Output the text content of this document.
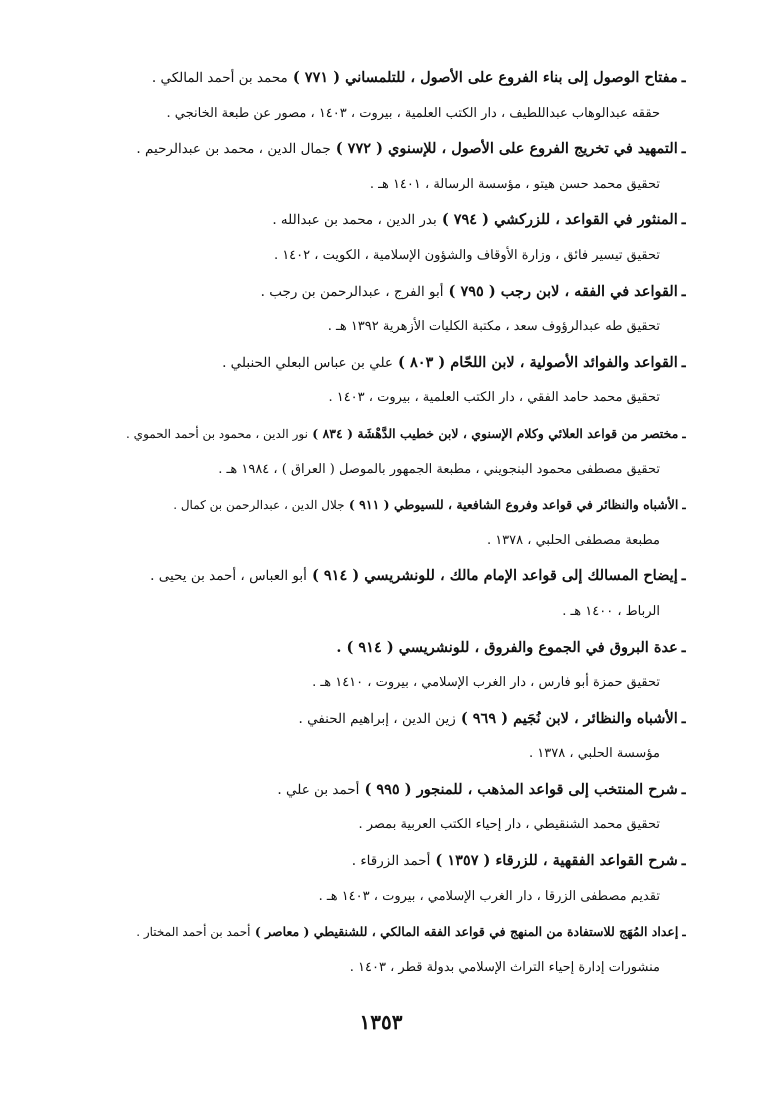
ـمفتاح الوصول إلى بناء الفروع على الأصول ، للتلمساني ( ٧٧١ ) محمد بن أحمد المالكي .
حققه عبدالوهاب عبداللطيف ، دار الكتب العلمية ، بيروت ، ١٤٠٣ ، مصور عن طبعة الخانجي .
ـالتمهيد في تخريج الفروع على الأصول ، للإسنوي ( ٧٧٢ ) جمال الدين ، محمد بن عبدالرحيم .
تحقيق محمد حسن هيتو ، مؤسسة الرسالة ، ١٤٠١ هـ .
ـالمنثور في القواعد ، للزركشي ( ٧٩٤ ) بدر الدين ، محمد بن عبدالله .
تحقيق تيسير فائق ، وزارة الأوقاف والشؤون الإسلامية ، الكويت ، ١٤٠٢ .
ـالقواعد في الفقه ، لابن رجب ( ٧٩٥ ) أبو الفرج ، عبدالرحمن بن رجب .
تحقيق طه عبدالرؤوف سعد ، مكتبة الكليات الأزهرية ١٣٩٢ هـ .
ـالقواعد والفوائد الأصولية ، لابن اللحّام ( ٨٠٣ ) علي بن عباس البعلي الحنبلي .
تحقيق محمد حامد الفقي ، دار الكتب العلمية ، بيروت ، ١٤٠٣ .
ـمختصر من قواعد العلائي وكلام الإسنوي ، لابن خطيب الدَّهْشَة ( ٨٣٤ ) نور الدين ، محمود بن أحمد الحموي .
تحقيق مصطفى محمود البنجويني ، مطبعة الجمهور بالموصل ( العراق ) ، ١٩٨٤ هـ .
ـالأشباه والنظائر في قواعد وفروع الشافعية ، للسيوطي ( ٩١١ ) جلال الدين ، عبدالرحمن بن كمال .
مطبعة مصطفى الحلبي ، ١٣٧٨ .
ـإيضاح المسالك إلى قواعد الإمام مالك ، للونشريسي ( ٩١٤ ) أبو العباس ، أحمد بن يحيى .
الرباط ، ١٤٠٠ هـ .
ـعدة البروق في الجموع والفروق ، للونشريسي ( ٩١٤ ) .
تحقيق حمزة أبو فارس ، دار الغرب الإسلامي ، بيروت ، ١٤١٠ هـ .
ـالأشباه والنظائر ، لابن نُجَيم ( ٩٦٩ ) زين الدين ، إبراهيم الحنفي .
مؤسسة الحلبي ، ١٣٧٨ .
ـشرح المنتخب إلى قواعد المذهب ، للمنجور ( ٩٩٥ ) أحمد بن علي .
تحقيق محمد الشنقيطي ، دار إحياء الكتب العربية بمصر .
ـشرح القواعد الفقهية ، للزرقاء ( ١٣٥٧ ) أحمد الزرقاء .
تقديم مصطفى الزرقا ، دار الغرب الإسلامي ، بيروت ، ١٤٠٣ هـ .
ـإعداد المُهَج للاستفادة من المنهج في قواعد الفقه المالكي ، للشنقيطي ( معاصر ) أحمد بن أحمد المختار .
منشورات إدارة إحياء التراث الإسلامي بدولة قطر ، ١٤٠٣ .
١٣٥٣
